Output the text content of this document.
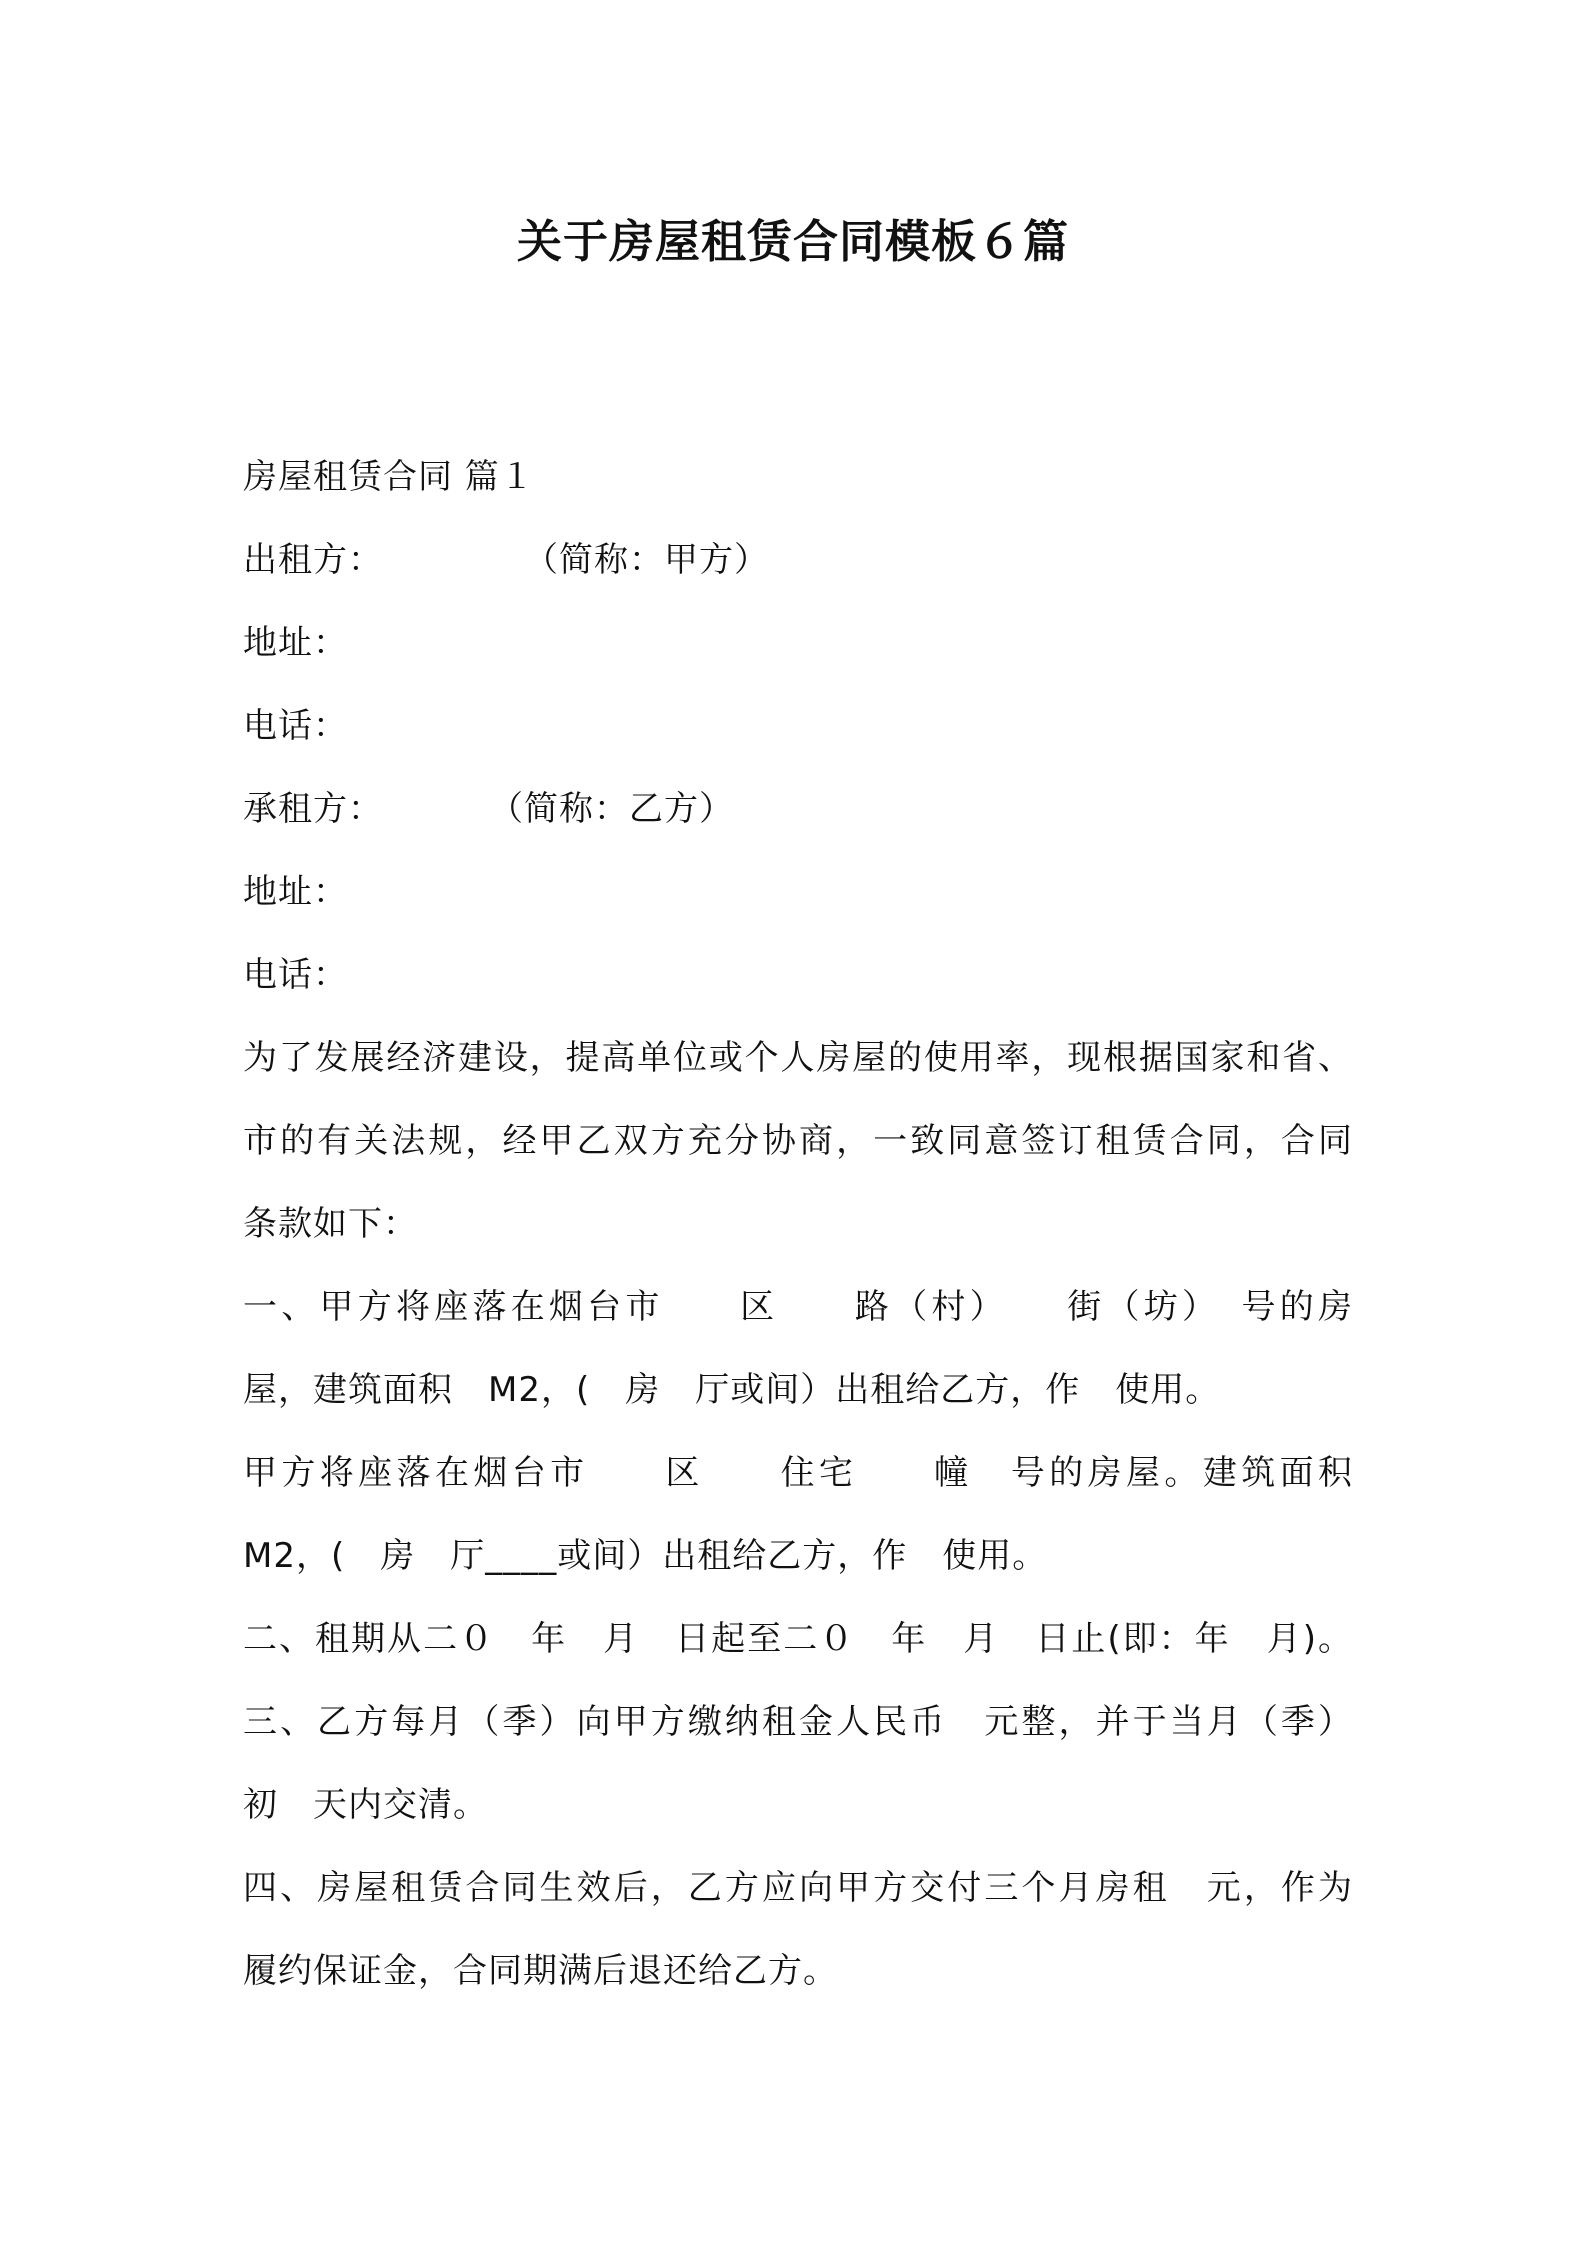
关于房屋租赁合同模板６篇
房屋租赁合同 篇１
出租方：　　　　　（简称：甲方）
地址：
电话：
承租方：　　　　（简称：乙方）
地址：
电话：
为了发展经济建设，提高单位或个人房屋的使用率，现根据国家和省、
市的有关法规，经甲乙双方充分协商，一致同意签订租赁合同，合同
条款如下：
一、甲方将座落在烟台市　　区　　路（村）　　街（坊）　号的房
屋，建筑面积　M2，(　房　厅或间）出租给乙方，作　使用。
甲方将座落在烟台市　　区　　住宅　　幢　号的房屋。建筑面积
M2，(　房　厅____或间）出租给乙方，作　使用。
二、租期从二０　年　月　日起至二０　年　月　日止(即：年　月)。
三、乙方每月（季）向甲方缴纳租金人民币　元整，并于当月（季）
初　天内交清。
四、房屋租赁合同生效后，乙方应向甲方交付三个月房租　元，作为
履约保证金，合同期满后退还给乙方。
